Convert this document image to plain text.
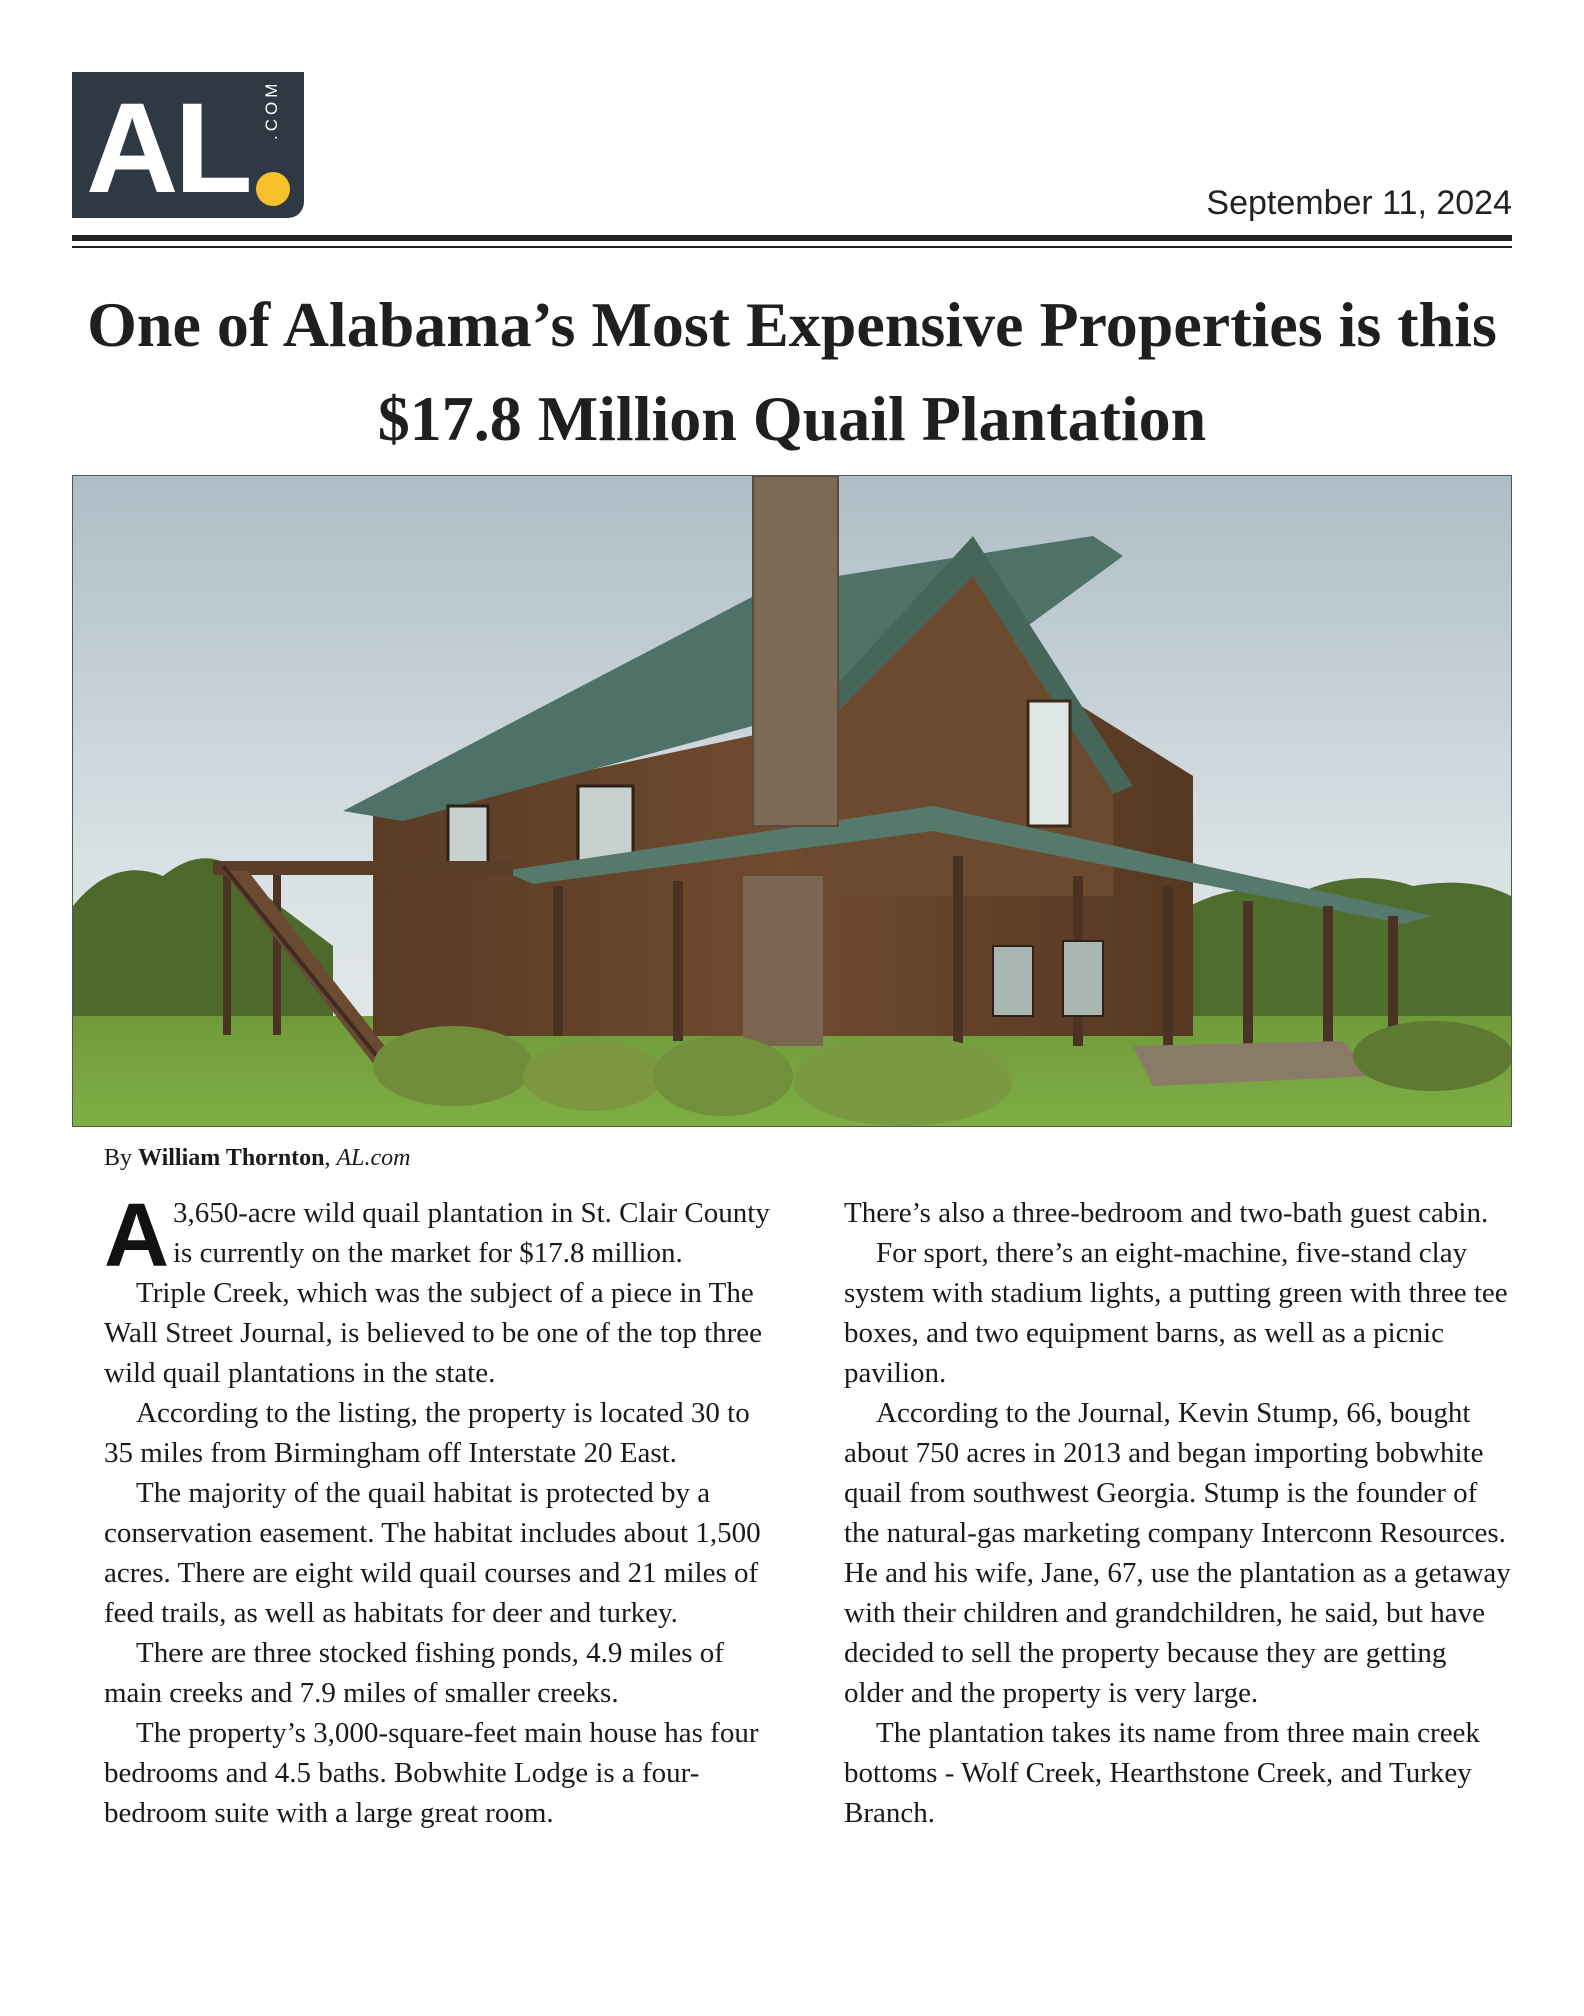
AL .COM
September 11, 2024
One of Alabama’s Most Expensive Properties is this $17.8 Million Quail Plantation
By William Thornton, AL.com

A 3,650-acre wild quail plantation in St. Clair County is currently on the market for $17.8 million.

Triple Creek, which was the subject of a piece in The Wall Street Journal, is believed to be one of the top three wild quail plantations in the state.

According to the listing, the property is located 30 to 35 miles from Birmingham off Interstate 20 East.

The majority of the quail habitat is protected by a conservation easement. The habitat includes about 1,500 acres. There are eight wild quail courses and 21 miles of feed trails, as well as habitats for deer and turkey.

There are three stocked fishing ponds, 4.9 miles of main creeks and 7.9 miles of smaller creeks.

The property’s 3,000-square-feet main house has four bedrooms and 4.5 baths. Bobwhite Lodge is a four-bedroom suite with a large great room.

There’s also a three-bedroom and two-bath guest cabin.

For sport, there’s an eight-machine, five-stand clay system with stadium lights, a putting green with three tee boxes, and two equipment barns, as well as a picnic pavilion.

According to the Journal, Kevin Stump, 66, bought about 750 acres in 2013 and began importing bobwhite quail from southwest Georgia. Stump is the founder of the natural-gas marketing company Interconn Resources. He and his wife, Jane, 67, use the plantation as a getaway with their children and grandchildren, he said, but have decided to sell the property because they are getting older and the property is very large.

The plantation takes its name from three main creek bottoms - Wolf Creek, Hearthstone Creek, and Turkey Branch.
